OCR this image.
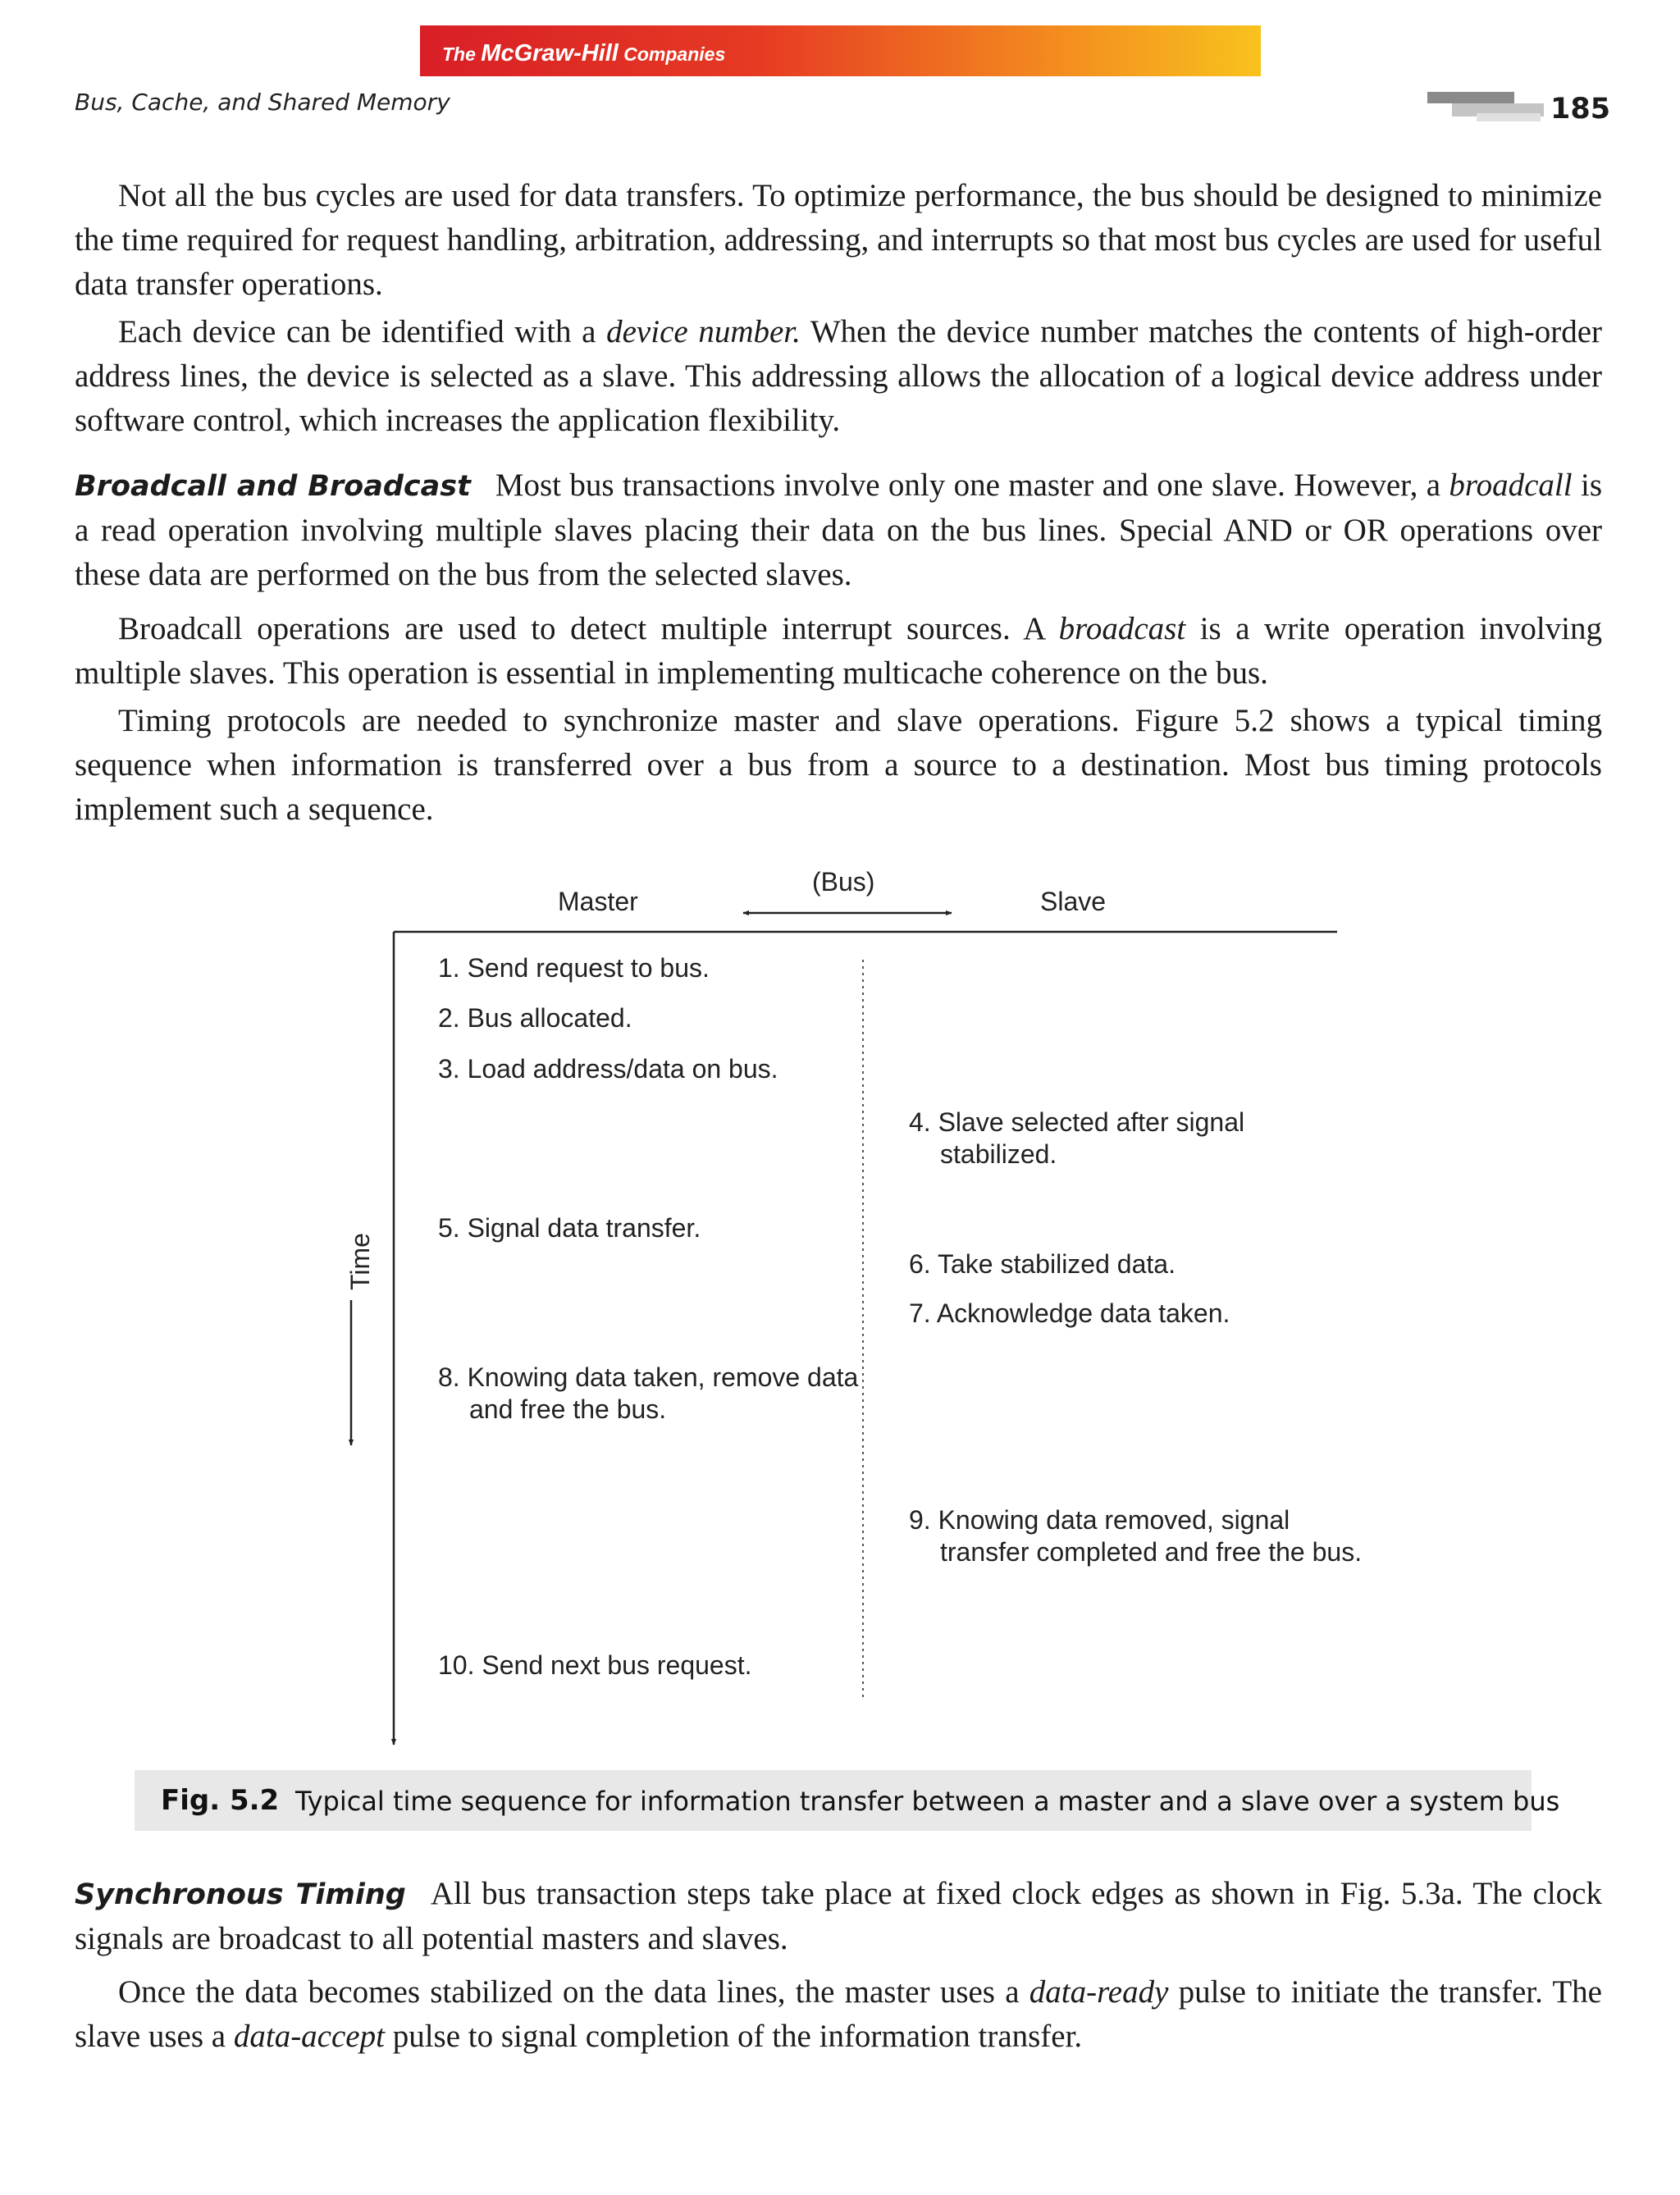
The McGraw-Hill Companies
Bus, Cache, and Shared Memory	185

Not all the bus cycles are used for data transfers. To optimize performance, the bus should be designed to minimize the time required for request handling, arbitration, addressing, and interrupts so that most bus cycles are used for useful data transfer operations.

Each device can be identified with a device number. When the device number matches the contents of high-order address lines, the device is selected as a slave. This addressing allows the allocation of a logical device address under software control, which increases the application flexibility.

Broadcall and Broadcast Most bus transactions involve only one master and one slave. However, a broadcall is a read operation involving multiple slaves placing their data on the bus lines. Special AND or OR operations over these data are performed on the bus from the selected slaves.

Broadcall operations are used to detect multiple interrupt sources. A broadcast is a write operation involving multiple slaves. This operation is essential in implementing multicache coherence on the bus.

Timing protocols are needed to synchronize master and slave operations. Figure 5.2 shows a typical timing sequence when information is transferred over a bus from a source to a destination. Most bus timing protocols implement such a sequence.

Master
(Bus)
Slave
Time
1. Send request to bus.
2. Bus allocated.
3. Load address/data on bus.
4. Slave selected after signal stabilized.
5. Signal data transfer.
6. Take stabilized data.
7. Acknowledge data taken.
8. Knowing data taken, remove data and free the bus.
9. Knowing data removed, signal transfer completed and free the bus.
10. Send next bus request.
Fig. 5.2 Typical time sequence for information transfer between a master and a slave over a system bus

Synchronous Timing All bus transaction steps take place at fixed clock edges as shown in Fig. 5.3a. The clock signals are broadcast to all potential masters and slaves.

Once the data becomes stabilized on the data lines, the master uses a data-ready pulse to initiate the transfer. The slave uses a data-accept pulse to signal completion of the information transfer.
